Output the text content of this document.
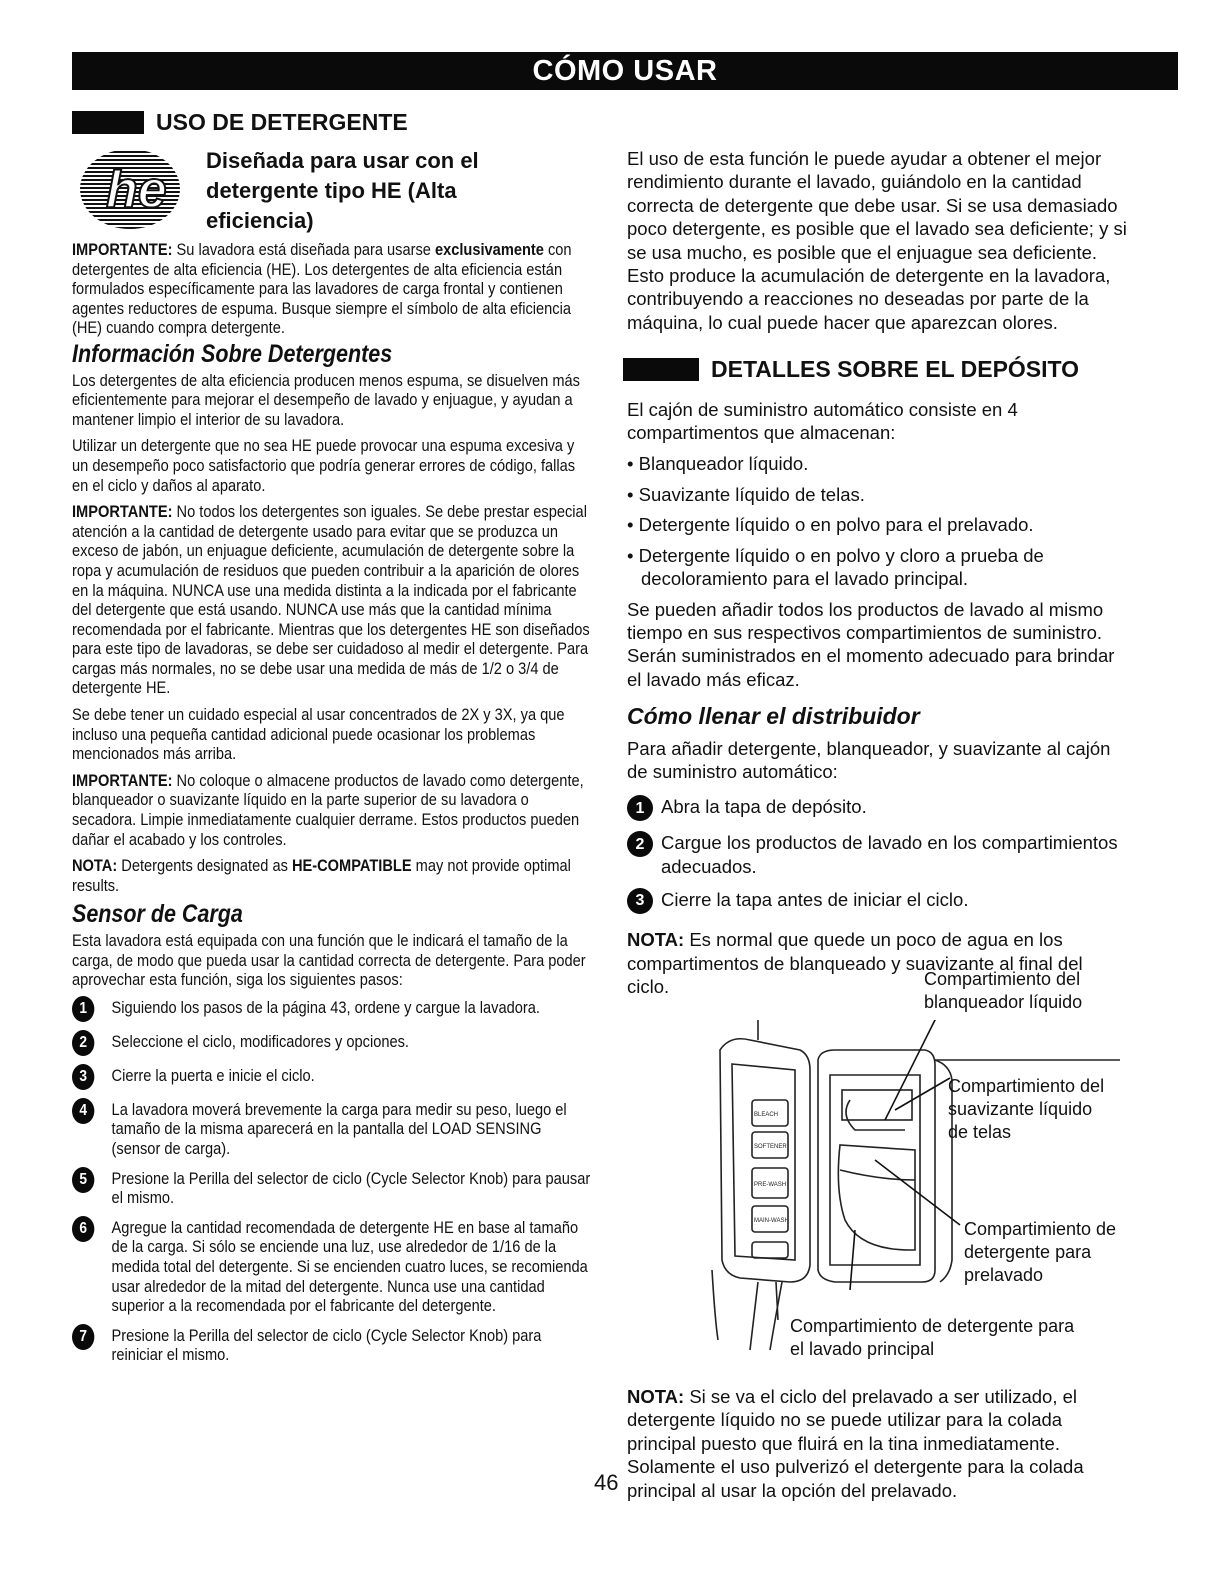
CÓMO USAR
USO DE DETERGENTE
he
Diseñada para usar con el detergente tipo HE (Alta eficiencia)

IMPORTANTE: Su lavadora está diseñada para usarse exclusivamente con detergentes de alta eficiencia (HE). Los detergentes de alta eficiencia están formulados específicamente para las lavadores de carga frontal y contienen agentes reductores de espuma. Busque siempre el símbolo de alta eficiencia (HE) cuando compra detergente.

Información Sobre Detergentes

Los detergentes de alta eficiencia producen menos espuma, se disuelven más eficientemente para mejorar el desempeño de lavado y enjuague, y ayudan a mantener limpio el interior de su lavadora.

Utilizar un detergente que no sea HE puede provocar una espuma excesiva y un desempeño poco satisfactorio que podría generar errores de código, fallas en el ciclo y daños al aparato.

IMPORTANTE: No todos los detergentes son iguales. Se debe prestar especial atención a la cantidad de detergente usado para evitar que se produzca un exceso de jabón, un enjuague deficiente, acumulación de detergente sobre la ropa y acumulación de residuos que pueden contribuir a la aparición de olores en la máquina. NUNCA use una medida distinta a la indicada por el fabricante del detergente que está usando. NUNCA use más que la cantidad mínima recomendada por el fabricante. Mientras que los detergentes HE son diseñados para este tipo de lavadoras, se debe ser cuidadoso al medir el detergente. Para cargas más normales, no se debe usar una medida de más de 1/2 o 3/4 de detergente HE.

Se debe tener un cuidado especial al usar concentrados de 2X y 3X, ya que incluso una pequeña cantidad adicional puede ocasionar los problemas mencionados más arriba.

IMPORTANTE: No coloque o almacene productos de lavado como detergente, blanqueador o suavizante líquido en la parte superior de su lavadora o secadora. Limpie inmediatamente cualquier derrame. Estos productos pueden dañar el acabado y los controles.

NOTA: Detergents designated as HE-COMPATIBLE may not provide optimal results.

Sensor de Carga

Esta lavadora está equipada con una función que le indicará el tamaño de la carga, de modo que pueda usar la cantidad correcta de detergente. Para poder aprovechar esta función, siga los siguientes pasos:

1	Siguiendo los pasos de la página 43, ordene y cargue la lavadora.
2	Seleccione el ciclo, modificadores y opciones.
3	Cierre la puerta e inicie el ciclo.
4	La lavadora moverá brevemente la carga para medir su peso, luego el tamaño de la misma aparecerá en la pantalla del LOAD SENSING (sensor de carga).
5	Presione la Perilla del selector de ciclo (Cycle Selector Knob) para pausar el mismo.
6	Agregue la cantidad recomendada de detergente HE en base al tamaño de la carga. Si sólo se enciende una luz, use alrededor de 1/16 de la medida total del detergente. Si se encienden cuatro luces, se recomienda usar alrededor de la mitad del detergente. Nunca use una cantidad superior a la recomendada por el fabricante del detergente.
7	Presione la Perilla del selector de ciclo (Cycle Selector Knob) para reiniciar el mismo.

El uso de esta función le puede ayudar a obtener el mejor rendimiento durante el lavado, guiándolo en la cantidad correcta de detergente que debe usar. Si se usa demasiado poco detergente, es posible que el lavado sea deficiente; y si se usa mucho, es posible que el enjuague sea deficiente. Esto produce la acumulación de detergente en la lavadora, contribuyendo a reacciones no deseadas por parte de la máquina, lo cual puede hacer que aparezcan olores.

DETALLES SOBRE EL DEPÓSITO

El cajón de suministro automático consiste en 4 compartimentos que almacenan:

• Blanqueador líquido.
• Suavizante líquido de telas.
• Detergente líquido o en polvo para el prelavado.
• Detergente líquido o en polvo y cloro a prueba de decoloramiento para el lavado principal.

Se pueden añadir todos los productos de lavado al mismo tiempo en sus respectivos compartimientos de suministro. Serán suministrados en el momento adecuado para brindar el lavado más eficaz.

Cómo llenar el distribuidor

Para añadir detergente, blanqueador, y suavizante al cajón de suministro automático:

1 Abra la tapa de depósito.
2 Cargue los productos de lavado en los compartimientos adecuados.
3 Cierre la tapa antes de iniciar el ciclo.

NOTA: Es normal que quede un poco de agua en los compartimentos de blanqueado y suavizante al final del ciclo.

BLEACH
SOFTENER
PRE-WASH
MAIN-WASH
Compartimiento del blanqueador líquido
Compartimiento del suavizante líquido de telas
Compartimiento de detergente para prelavado
Compartimiento de detergente para el lavado principal
NOTA: Si se va el ciclo del prelavado a ser utilizado, el detergente líquido no se puede utilizar para la colada principal puesto que fluirá en la tina inmediatamente. Solamente el uso pulverizó el detergente para la colada principal al usar la opción del prelavado.
46
